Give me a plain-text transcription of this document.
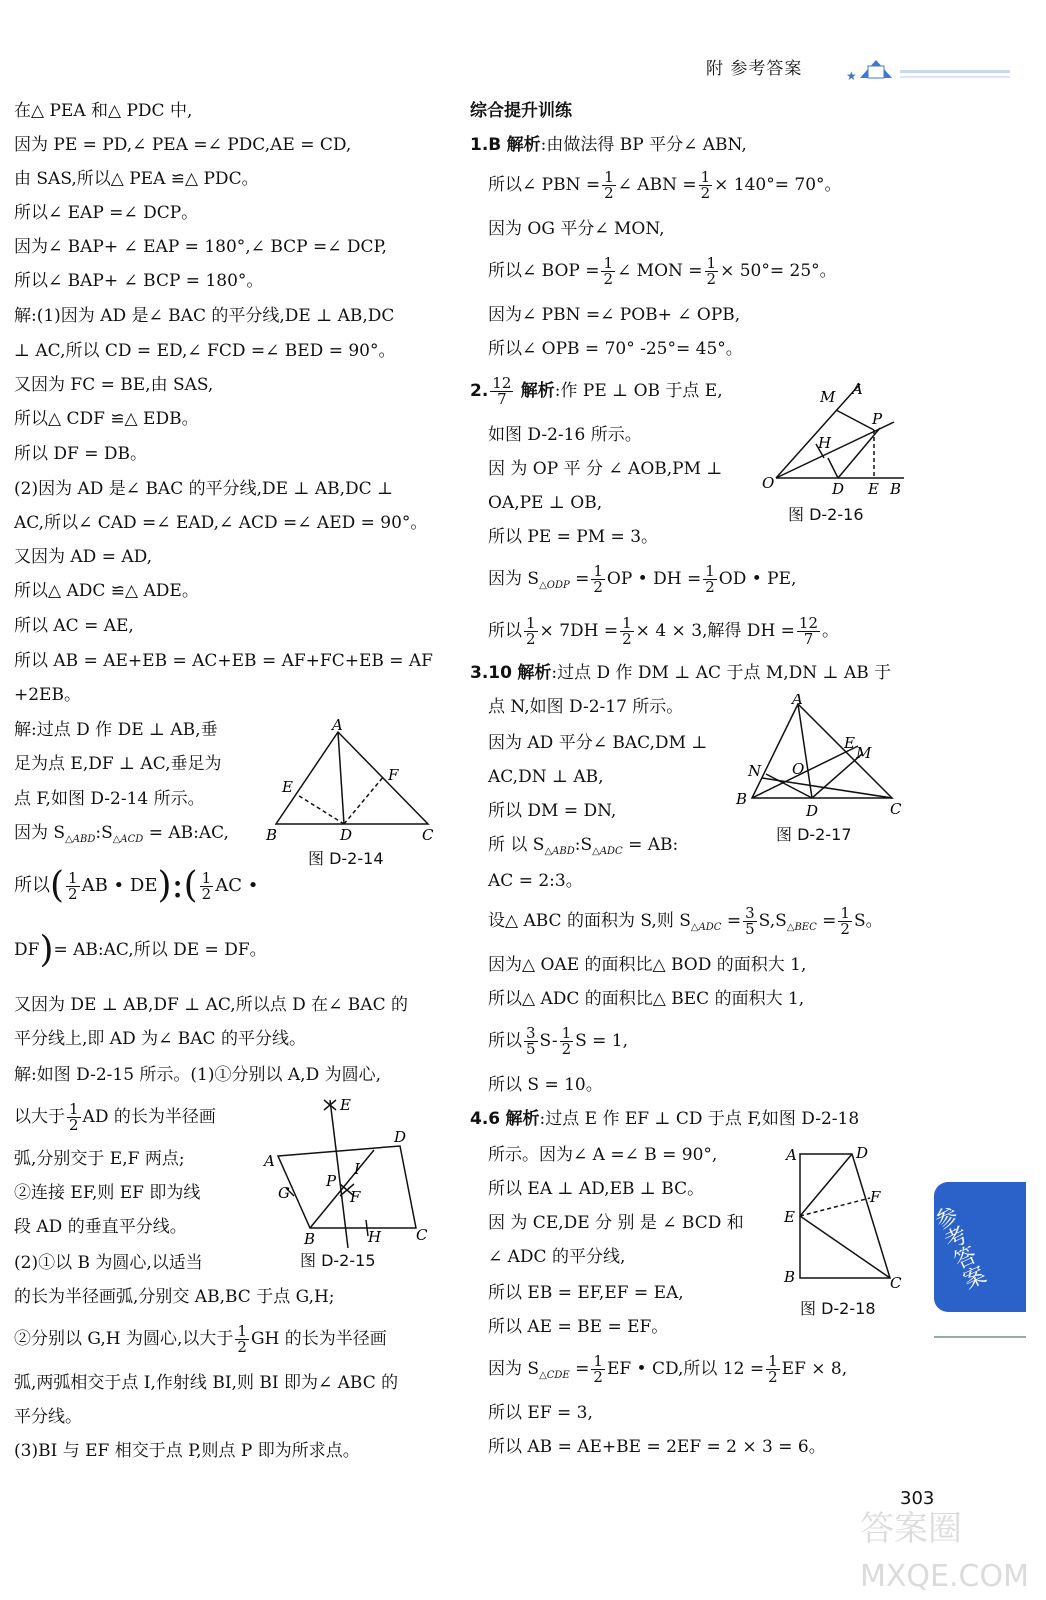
附 参考答案	★
在△ PEA 和△ PDC 中,
因为 PE = PD,∠ PEA =∠ PDC,AE = CD,
由 SAS,所以△ PEA ≌△ PDC。
所以∠ EAP =∠ DCP。
因为∠ BAP+ ∠ EAP = 180°,∠ BCP =∠ DCP,
所以∠ BAP+ ∠ BCP = 180°。
解:(1)因为 AD 是∠ BAC 的平分线,DE ⊥ AB,DC
⊥ AC,所以 CD = ED,∠ FCD =∠ BED = 90°。
又因为 FC = BE,由 SAS,
所以△ CDF ≌△ EDB。
所以 DF = DB。
(2)因为 AD 是∠ BAC 的平分线,DE ⊥ AB,DC ⊥
AC,所以∠ CAD =∠ EAD,∠ ACD =∠ AED = 90°。
又因为 AD = AD,
所以△ ADC ≌△ ADE。
所以 AC = AE,
所以 AB = AE+EB = AC+EB = AF+FC+EB = AF
+2EB。
解:过点 D 作 DE ⊥ AB,垂
足为点 E,DF ⊥ AC,垂足为
点 F,如图 D-2-14 所示。
因为 $S_{\triangle ABD}:S_{\triangle ACD}$ = AB:AC,
所以( $\frac{1}{2}$ AB • DE):( $\frac{1}{2}$ AC •
DF)= AB:AC,所以 DE = DF。
又因为 DE ⊥ AB,DF ⊥ AC,所以点 D 在∠ BAC 的
平分线上,即 AD 为∠ BAC 的平分线。
解:如图 D-2-15 所示。(1)①分别以 A,D 为圆心,
以大于 $\frac{1}{2}$ AD 的长为半径画
弧,分别交于 E,F 两点;
②连接 EF,则 EF 即为线
段 AD 的垂直平分线。
(2)①以 B 为圆心,以适当
的长为半径画弧,分别交 AB,BC 于点 G,H;
②分别以 G,H 为圆心,以大于 $\frac{1}{2}$ GH 的长为半径画
弧,两弧相交于点 I,作射线 BI,则 BI 即为∠ ABC 的
平分线。
(3)BI 与 EF 相交于点 P,则点 P 即为所求点。
A
B	C
D
E
F
图 D-2-14
E
A
D
I
P
F
G
B	H C
图 D-2-15
综合提升训练
1.B 解析:由做法得 BP 平分∠ ABN,
所以∠ PBN = $\frac{1}{2}$ ∠ ABN = $\frac{1}{2} \times 140^\circ= 70^\circ$。
因为 OG 平分∠ MON,
所以∠ BOP = $\frac{1}{2}$ ∠ MON = $\frac{1}{2} \times 50^\circ= 25^\circ$。
因为∠ PBN =∠ POB+ ∠ OPB,
所以∠ OPB = 70° -25°= 45°。
2. $\frac{12}{7}$ 解析:作 PE ⊥ OB 于点 E,
如图 D-2-16 所示。
因 为 OP 平 分 ∠ AOB,PM ⊥
OA,PE ⊥ OB,
所以 PE = PM = 3。
因为 $S_{\triangle ODP} = \frac{1}{2}$ OP • DH = $\frac{1}{2}$ OD • PE,
所以 $\frac{1}{2} \times 7DH = \frac{1}{2} \times 4 \times 3$,解得 DH = $\frac{12}{7}$ 。
3.10 解析:过点 D 作 DM ⊥ AC 于点 M,DN ⊥ AB 于
点 N,如图 D-2-17 所示。
因为 AD 平分∠ BAC,DM ⊥
AC,DN ⊥ AB,
所以 DM = DN,
所 以 $S_{\triangle ABD}:S_{\triangle ADC}$ = AB:
AC = 2:3。
设△ ABC 的面积为 S,则 $S_{\triangle ADC} = \frac{3}{5} S,S_{\triangle BEC} = \frac{1}{2}$ S。
因为△ OAE 的面积比△ BOD 的面积大 1,
所以△ ADC 的面积比△ BEC 的面积大 1,
所以 $\frac{3}{5} S- \frac{1}{2}$ S = 1,
所以 S = 10。
4.6 解析:过点 E 作 EF ⊥ CD 于点 F,如图 D-2-18
所示。因为∠ A =∠ B = 90°,
所以 EA ⊥ AD,EB ⊥ BC。
因 为 CE,DE 分 别 是 ∠ BCD 和
∠ ADC 的平分线,
所以 EB = EF,EF = EA,
所以 AE = BE = EF。
因为 $S_{\triangle CDE} = \frac{1}{2}$ EF • CD,所以 $12 = \frac{1}{2}$ EF × 8,
所以 EF = 3,
所以 AB = AE+BE = 2EF = 2 × 3 = 6。
M A
P
H
O	D E B
图 D-2-16
A
E
M
N O
B
D	C
图 D-2-17
A	D
F
E
B	C
图 D-2-18
参考答案
303
答案圈
MXQE.COM
